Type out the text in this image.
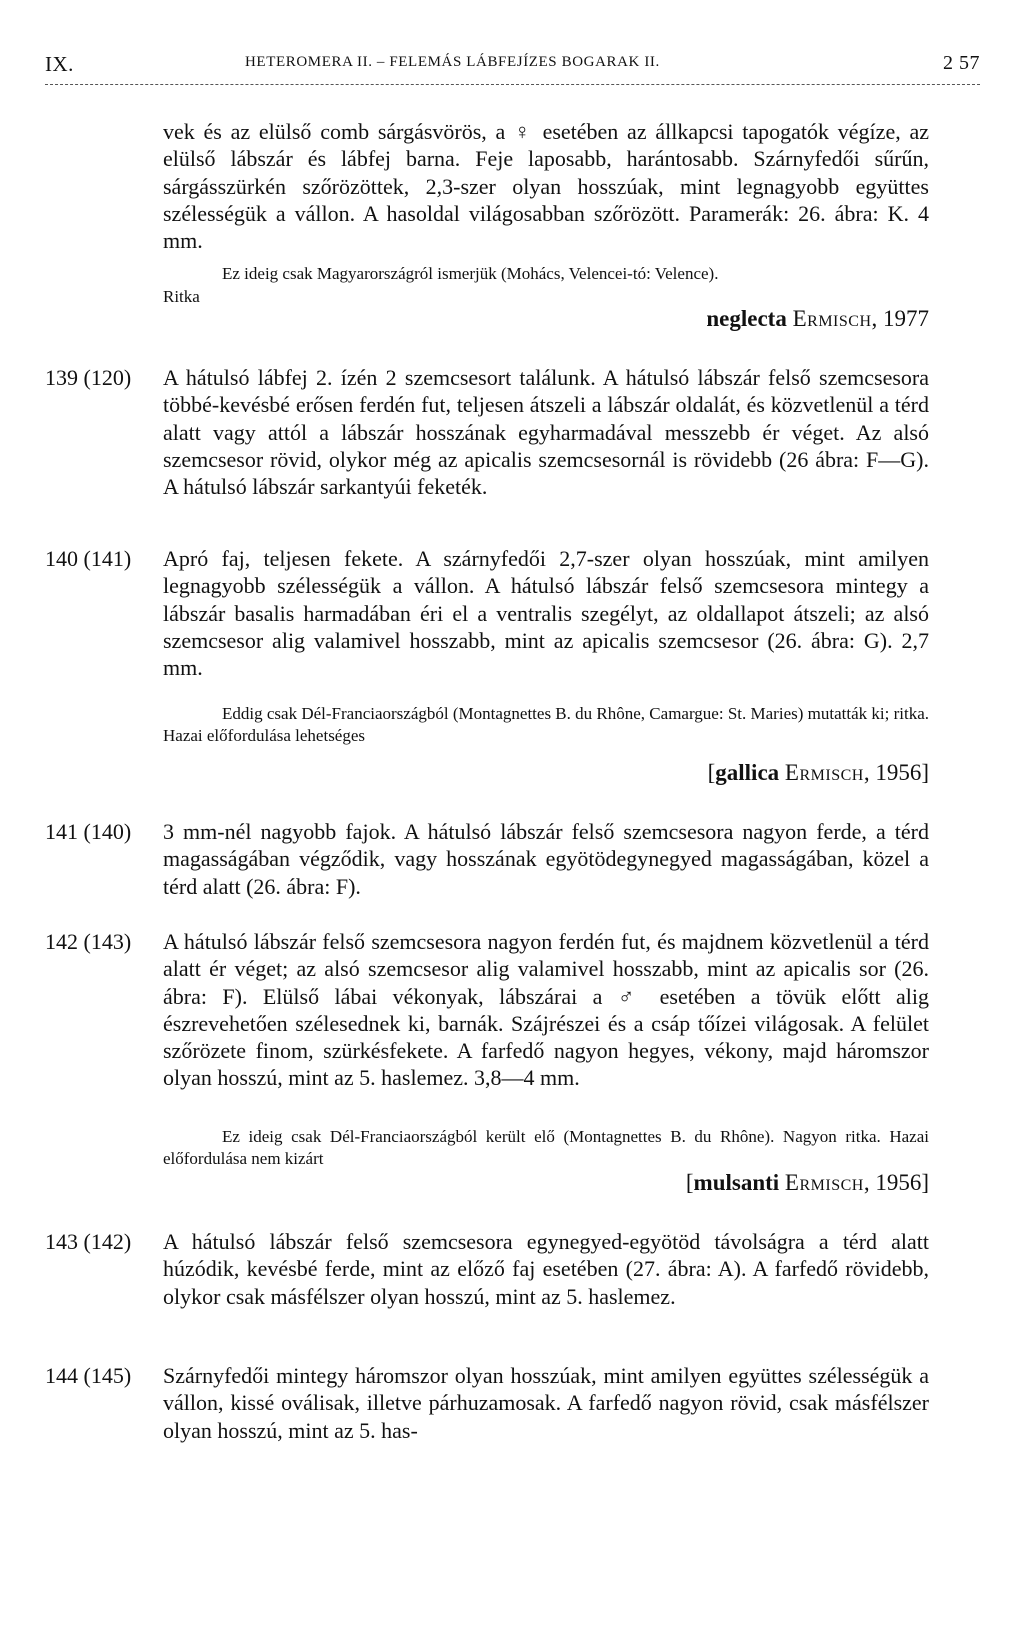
IX.	HETEROMERA II. – FELEMÁS LÁBFEJÍZES BOGARAK II.	2 57

vek és az elülső comb sárgásvörös, a ♀ esetében az állkapcsi tapogatók végíze, az elülső lábszár és lábfej barna. Feje laposabb, harántosabb. Szárnyfedői sűrűn, sárgásszürkén szőrözöttek, 2,3-szer olyan hosszúak, mint legnagyobb együttes szélességük a vállon. A hasoldal világosabban szőrözött. Paramerák: 26. ábra: K. 4 mm.

Ez ideig csak Magyarországról ismerjük (Mohács, Velencei-tó: Velence).

Ritka

neglecta Ermisch, 1977

139 (120) A hátulsó lábfej 2. ízén 2 szemcsesort találunk. A hátulsó lábszár felső szemcsesora többé-kevésbé erősen ferdén fut, teljesen átszeli a lábszár oldalát, és közvetlenül a térd alatt vagy attól a lábszár hosszának egyharmadával messzebb ér véget. Az alsó szemcsesor rövid, olykor még az apicalis szemcsesornál is rövidebb (26 ábra: F—G). A hátulsó lábszár sarkantyúi feketék.

140 (141) Apró faj, teljesen fekete. A szárnyfedői 2,7-szer olyan hosszúak, mint amilyen legnagyobb szélességük a vállon. A hátulsó lábszár felső szemcsesora mintegy a lábszár basalis harmadában éri el a ventralis szegélyt, az oldallapot átszeli; az alsó szemcsesor alig valamivel hosszabb, mint az apicalis szemcsesor (26. ábra: G). 2,7 mm.

Eddig csak Dél-Franciaországból (Montagnettes B. du Rhône, Camargue: St. Maries) mutatták ki; ritka. Hazai előfordulása lehetséges

[gallica Ermisch, 1956]

141 (140) 3 mm-nél nagyobb fajok. A hátulsó lábszár felső szemcsesora nagyon ferde, a térd magasságában végződik, vagy hosszának egyötödegynegyed magasságában, közel a térd alatt (26. ábra: F).

142 (143) A hátulsó lábszár felső szemcsesora nagyon ferdén fut, és majdnem közvetlenül a térd alatt ér véget; az alsó szemcsesor alig valamivel hosszabb, mint az apicalis sor (26. ábra: F). Elülső lábai vékonyak, lábszárai a ♂ esetében a tövük előtt alig észrevehetően szélesednek ki, barnák. Szájrészei és a csáp tőízei világosak. A felület szőrözete finom, szürkésfekete. A farfedő nagyon hegyes, vékony, majd háromszor olyan hosszú, mint az 5. haslemez. 3,8—4 mm.

Ez ideig csak Dél-Franciaországból került elő (Montagnettes B. du Rhône). Nagyon ritka. Hazai előfordulása nem kizárt

[mulsanti Ermisch, 1956]

143 (142) A hátulsó lábszár felső szemcsesora egynegyed-egyötöd távolságra a térd alatt húzódik, kevésbé ferde, mint az előző faj esetében (27. ábra: A). A farfedő rövidebb, olykor csak másfélszer olyan hosszú, mint az 5. haslemez.

144 (145) Szárnyfedői mintegy háromszor olyan hosszúak, mint amilyen együttes szélességük a vállon, kissé oválisak, illetve párhuzamosak. A farfedő nagyon rövid, csak másfélszer olyan hosszú, mint az 5. has-
